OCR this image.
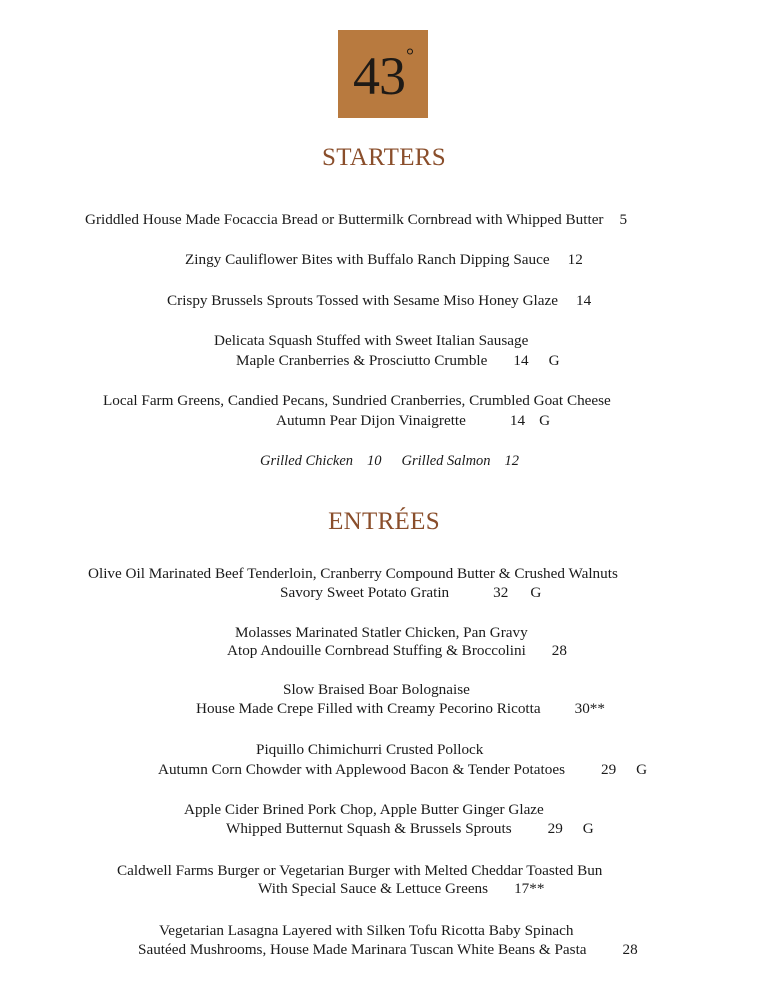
43 °
STARTERS
Griddled House Made Focaccia Bread or Buttermilk Cornbread with Whipped Butter 5
Zingy Cauliflower Bites with Buffalo Ranch Dipping Sauce 12
Crispy Brussels Sprouts Tossed with Sesame Miso Honey Glaze 14
Delicata Squash Stuffed with Sweet Italian Sausage
Maple Cranberries & Prosciutto Crumble 14 G
Local Farm Greens, Candied Pecans, Sundried Cranberries, Crumbled Goat Cheese
Autumn Pear Dijon Vinaigrette	14 G
Grilled Chicken 10 Grilled Salmon 12
ENTRÉES
Olive Oil Marinated Beef Tenderloin, Cranberry Compound Butter & Crushed Walnuts
Savory Sweet Potato Gratin	32 G
Molasses Marinated Statler Chicken, Pan Gravy
Atop Andouille Cornbread Stuffing & Broccolini 28
Slow Braised Boar Bolognaise
House Made Crepe Filled with Creamy Pecorino Ricotta 30**
Piquillo Chimichurri Crusted Pollock
Autumn Corn Chowder with Applewood Bacon & Tender Potatoes 29 G
Apple Cider Brined Pork Chop, Apple Butter Ginger Glaze
Whipped Butternut Squash & Brussels Sprouts 29 G
Caldwell Farms Burger or Vegetarian Burger with Melted Cheddar Toasted Bun
With Special Sauce & Lettuce Greens 17**
Vegetarian Lasagna Layered with Silken Tofu Ricotta Baby Spinach
Sautéed Mushrooms, House Made Marinara Tuscan White Beans & Pasta 28
